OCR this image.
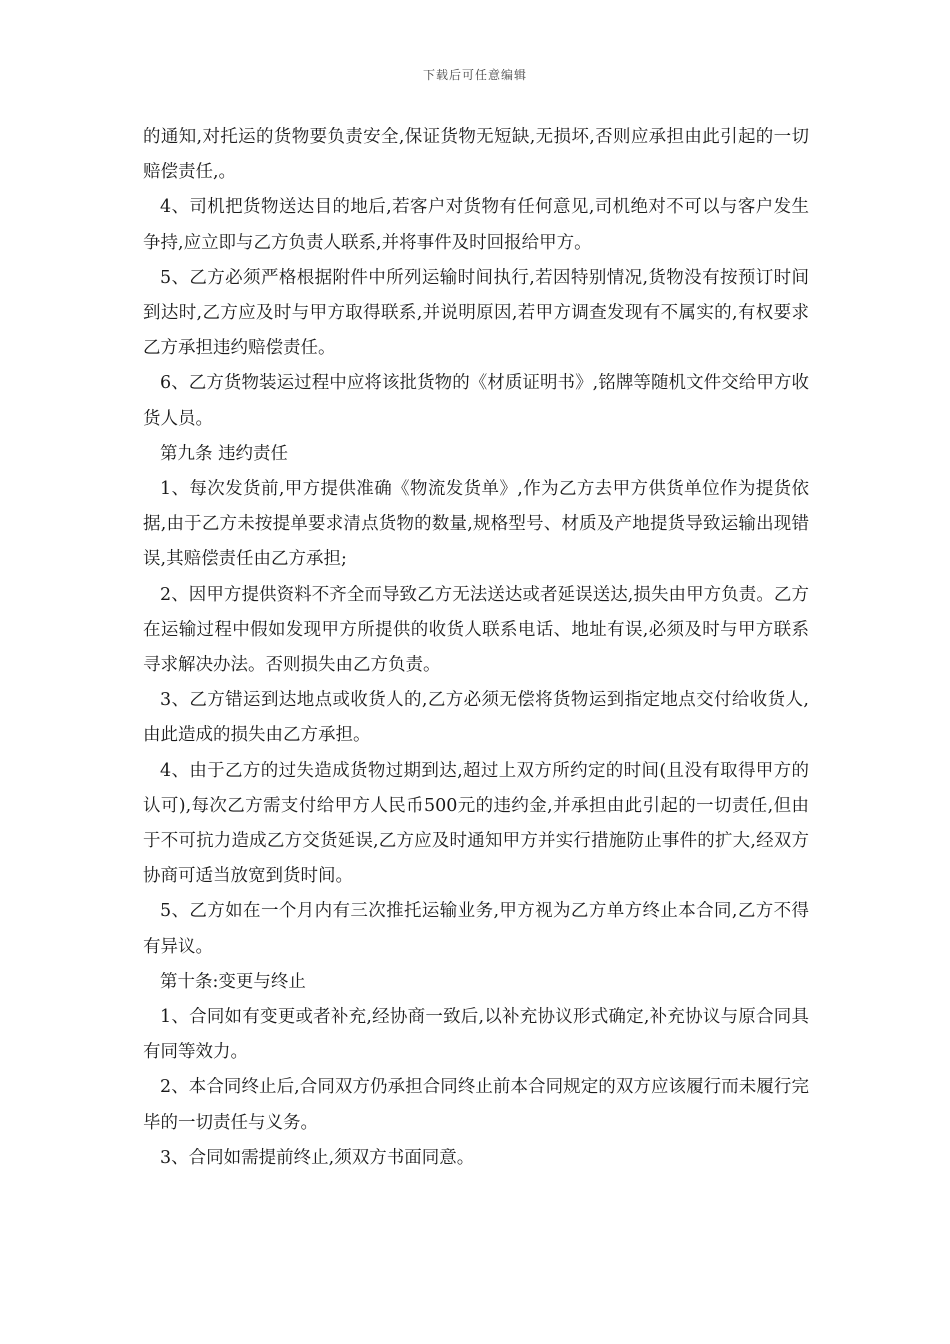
下载后可任意编辑

的通知,对托运的货物要负责安全,保证货物无短缺,无损坏,否则应承担由此引起的一切赔偿责任,。

4、司机把货物送达目的地后,若客户对货物有任何意见,司机绝对不可以与客户发生争持,应立即与乙方负责人联系,并将事件及时回报给甲方。

5、乙方必须严格根据附件中所列运输时间执行,若因特别情况,货物没有按预订时间到达时,乙方应及时与甲方取得联系,并说明原因,若甲方调查发现有不属实的,有权要求乙方承担违约赔偿责任。

6、乙方货物装运过程中应将该批货物的《材质证明书》,铭牌等随机文件交给甲方收货人员。

第九条 违约责任

1、每次发货前,甲方提供准确《物流发货单》,作为乙方去甲方供货单位作为提货依据,由于乙方未按提单要求清点货物的数量,规格型号、材质及产地提货导致运输出现错误,其赔偿责任由乙方承担;

2、因甲方提供资料不齐全而导致乙方无法送达或者延误送达,损失由甲方负责。乙方在运输过程中假如发现甲方所提供的收货人联系电话、地址有误,必须及时与甲方联系寻求解决办法。否则损失由乙方负责。

3、乙方错运到达地点或收货人的,乙方必须无偿将货物运到指定地点交付给收货人,由此造成的损失由乙方承担。

4、由于乙方的过失造成货物过期到达,超过上双方所约定的时间(且没有取得甲方的认可),每次乙方需支付给甲方人民币500元的违约金,并承担由此引起的一切责任,但由于不可抗力造成乙方交货延误,乙方应及时通知甲方并实行措施防止事件的扩大,经双方协商可适当放宽到货时间。

5、乙方如在一个月内有三次推托运输业务,甲方视为乙方单方终止本合同,乙方不得有异议。

第十条:变更与终止

1、合同如有变更或者补充,经协商一致后,以补充协议形式确定,补充协议与原合同具有同等效力。

2、本合同终止后,合同双方仍承担合同终止前本合同规定的双方应该履行而未履行完毕的一切责任与义务。

3、合同如需提前终止,须双方书面同意。
